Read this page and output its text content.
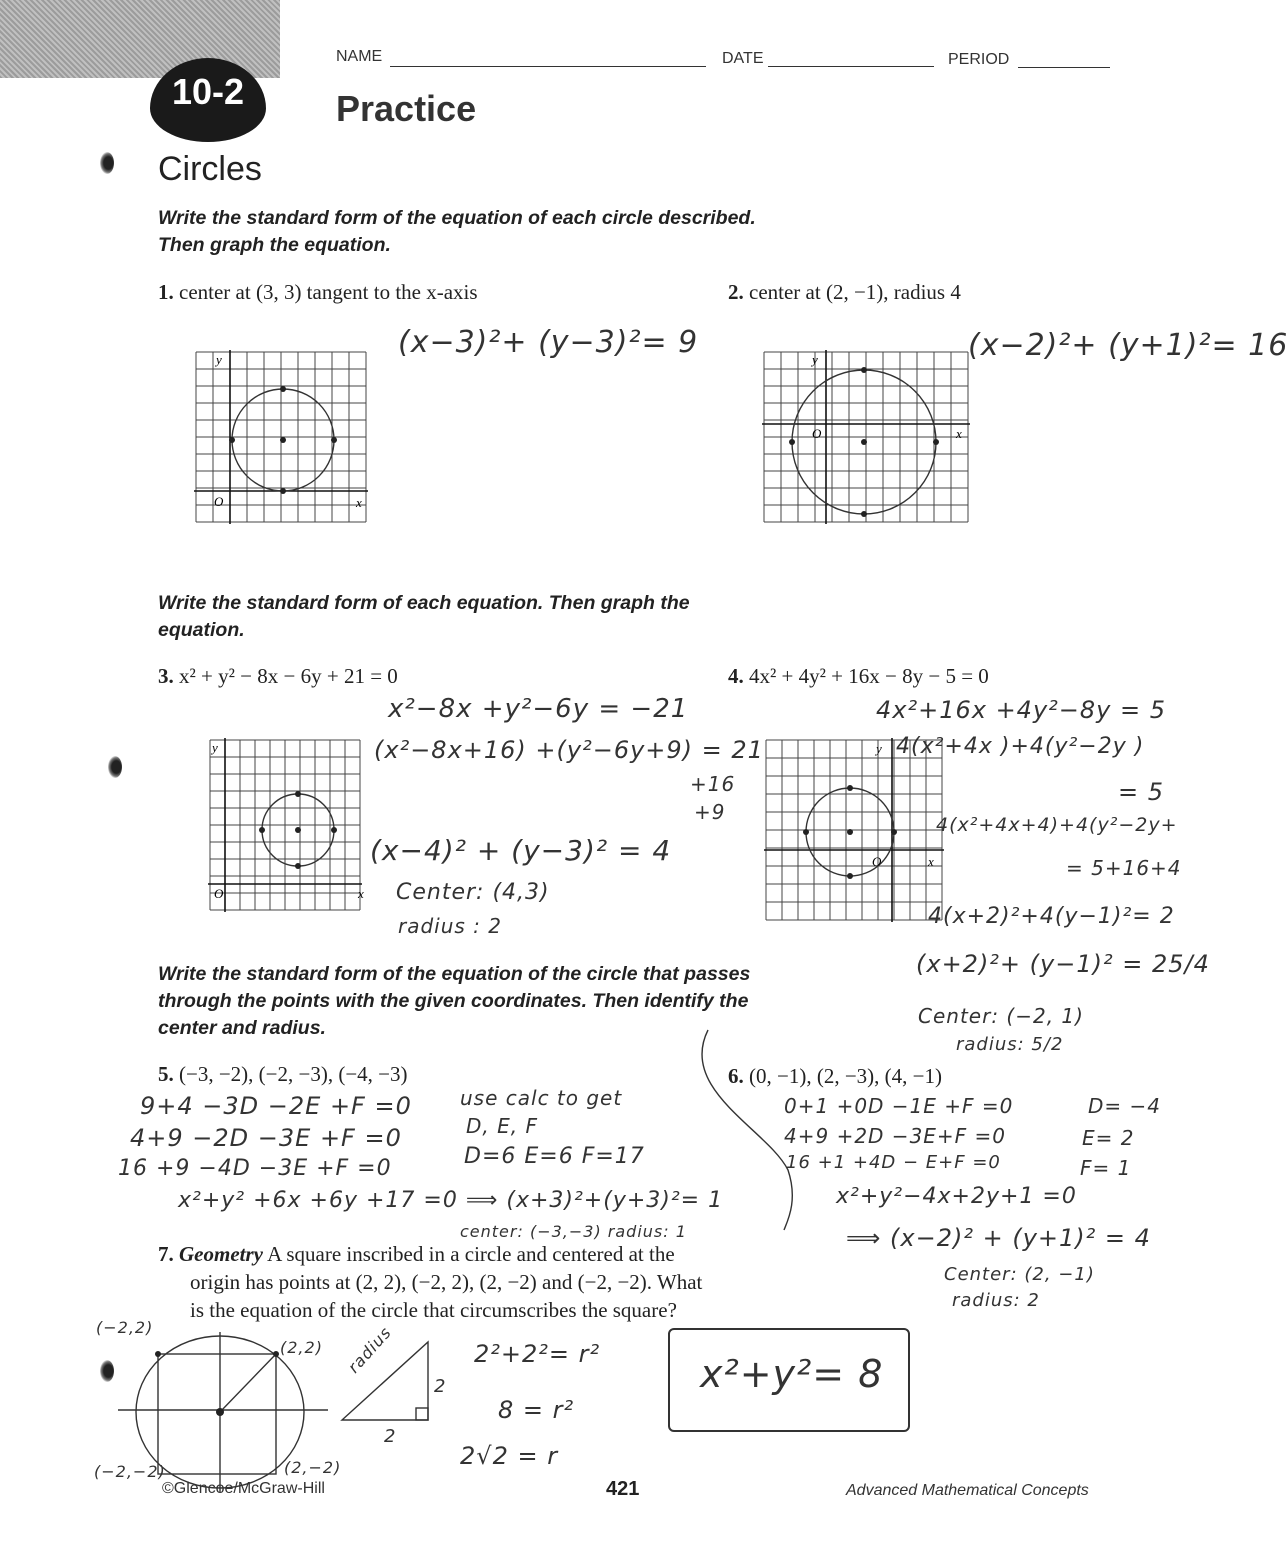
10-2
NAME	DATE	PERIOD
Practice
Circles
Write the standard form of the equation of each circle described.
Then graph the equation.
1. center at (3, 3) tangent to the x-axis
(x−3)²+ (y−3)²= 9
2. center at (2, −1), radius 4
(x−2)²+ (y+1)²= 16
y
O	x
y
O	x
Write the standard form of each equation. Then graph the
equation.
3. x² + y² − 8x − 6y + 21 = 0	4. 4x² + 4y² + 16x − 8y − 5 = 0
y
O	x
x²−8x +y²−6y = −21
(x²−8x+16) +(y²−6y+9) = 21
+16
+9
(x−4)² + (y−3)² = 4
Center: (4,3)
radius : 2
y
O	x
4x²+16x +4y²−8y = 5
4(x²+4x )+4(y²−2y )
= 5
4(x²+4x+4)+4(y²−2y+
= 5+16+4
4(x+2)²+4(y−1)²= 2
(x+2)²+ (y−1)² = 25/4
Center: (−2, 1)
radius: 5/2
Write the standard form of the equation of the circle that passes
through the points with the given coordinates. Then identify the
center and radius.
5. (−3, −2), (−2, −3), (−4, −3)	6. (0, −1), (2, −3), (4, −1)
9+4 −3D −2E +F =0
4+9 −2D −3E +F =0
16 +9 −4D −3E +F =0
use calc to get
D, E, F
D=6 E=6 F=17
x²+y² +6x +6y +17 =0 ⟹ (x+3)²+(y+3)²= 1
center: (−3,−3) radius: 1
0+1 +0D −1E +F =0
4+9 +2D −3E+F =0
16 +1 +4D − E+F =0
D= −4
E= 2
F= 1
x²+y²−4x+2y+1 =0
⟹ (x−2)² + (y+1)² = 4
Center: (2, −1)
radius: 2
7. Geometry A square inscribed in a circle and centered at the
origin has points at (2, 2), (−2, 2), (2, −2) and (−2, −2). What
is the equation of the circle that circumscribes the square?
(−2,2)
(2,2)
(−2,−2)	(2,−2)
radius
2
2
2²+2²= r²
8 = r²
2√2 = r
x²+y²= 8
©Glencoe/McGraw-Hill	421	Advanced Mathematical Concepts
